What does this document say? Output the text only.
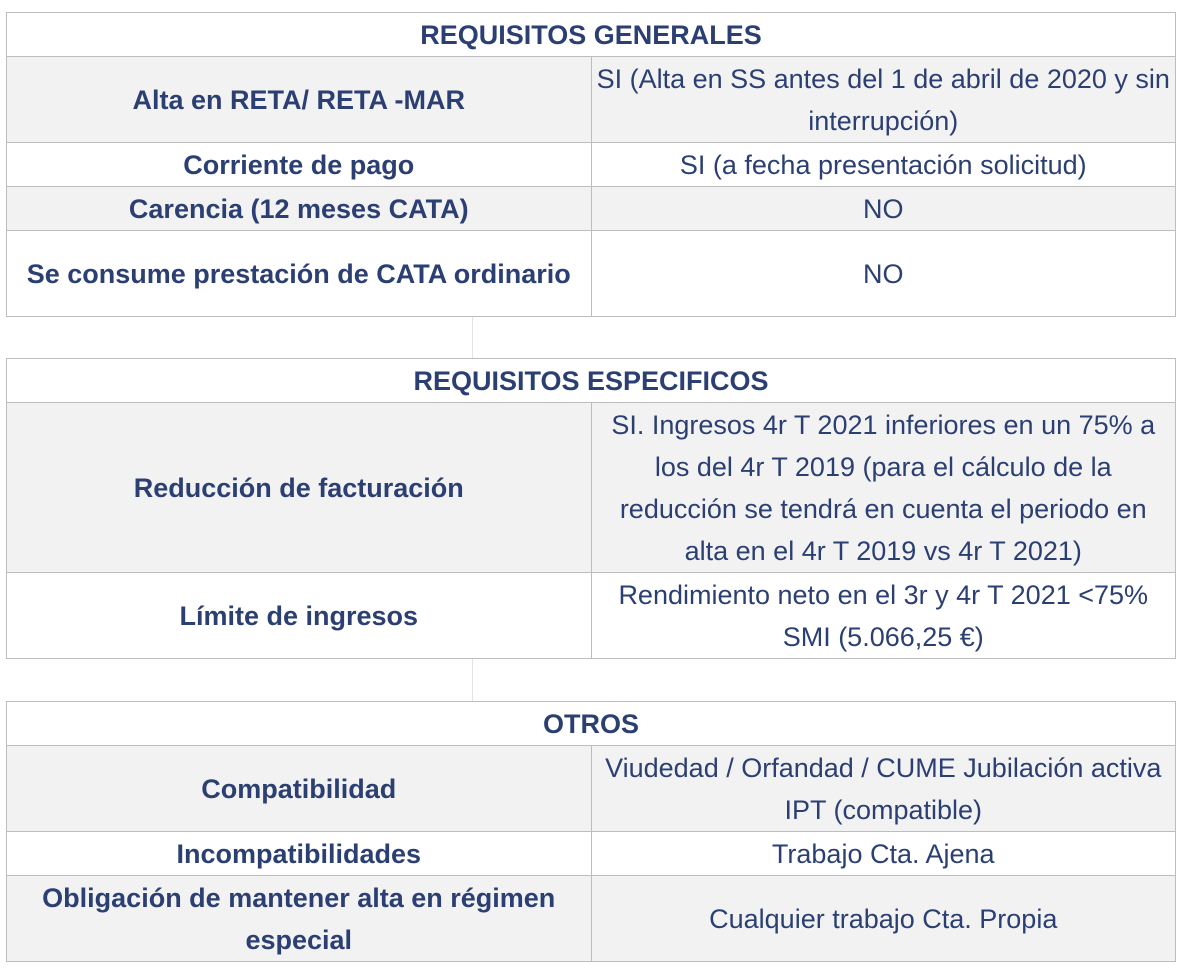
REQUISITOS GENERALES	
Alta en RETA/ RETA -MAR	SI (Alta en SS antes del 1 de abril de 2020 y sin interrupción)
Corriente de pago	SI (a fecha presentación solicitud)
Carencia (12 meses CATA)	NO
Se consume prestación de CATA ordinario	NO
REQUISITOS ESPECIFICOS	
Reducción de facturación	SI. Ingresos 4r T 2021 inferiores en un 75% a los del 4r T 2019 (para el cálculo de la reducción se tendrá en cuenta el periodo en alta en el 4r T 2019 vs 4r T 2021)
Límite de ingresos	Rendimiento neto en el 3r y 4r T 2021 <75% SMI (5.066,25 €)
OTROS	
Compatibilidad	Viudedad / Orfandad / CUME Jubilación activa IPT (compatible)
Incompatibilidades	Trabajo Cta. Ajena
Obligación de mantener alta en régimen especial	Cualquier trabajo Cta. Propia
